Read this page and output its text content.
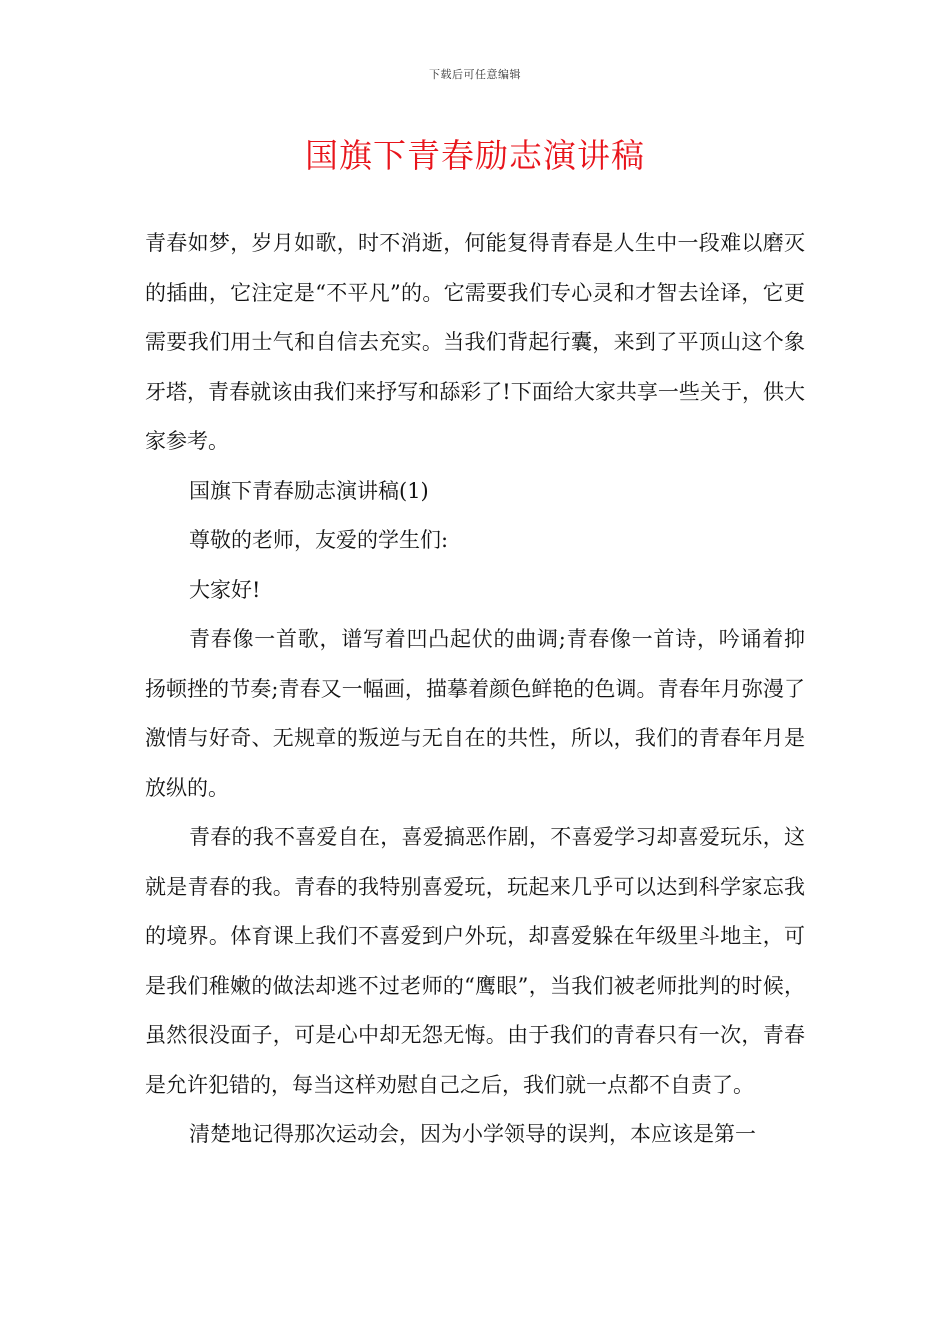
下载后可任意编辑
国旗下青春励志演讲稿

青春如梦，岁月如歌，时不消逝，何能复得青春是人生中一段难以磨灭的插曲，它注定是“不平凡”的。它需要我们专心灵和才智去诠译，它更需要我们用士气和自信去充实。当我们背起行囊，来到了平顶山这个象牙塔，青春就该由我们来抒写和舔彩了!下面给大家共享一些关于，供大家参考。

国旗下青春励志演讲稿(1)

尊敬的老师，友爱的学生们:

大家好!

青春像一首歌，谱写着凹凸起伏的曲调;青春像一首诗，吟诵着抑扬顿挫的节奏;青春又一幅画，描摹着颜色鲜艳的色调。青春年月弥漫了激情与好奇、无规章的叛逆与无自在的共性，所以，我们的青春年月是放纵的。

青春的我不喜爱自在，喜爱搞恶作剧，不喜爱学习却喜爱玩乐，这就是青春的我。青春的我特别喜爱玩，玩起来几乎可以达到科学家忘我的境界。体育课上我们不喜爱到户外玩，却喜爱躲在年级里斗地主，可是我们稚嫩的做法却逃不过老师的“鹰眼”，当我们被老师批判的时候，虽然很没面子，可是心中却无怨无悔。由于我们的青春只有一次，青春是允许犯错的，每当这样劝慰自己之后，我们就一点都不自责了。

清楚地记得那次运动会，因为小学领导的误判，本应该是第一
